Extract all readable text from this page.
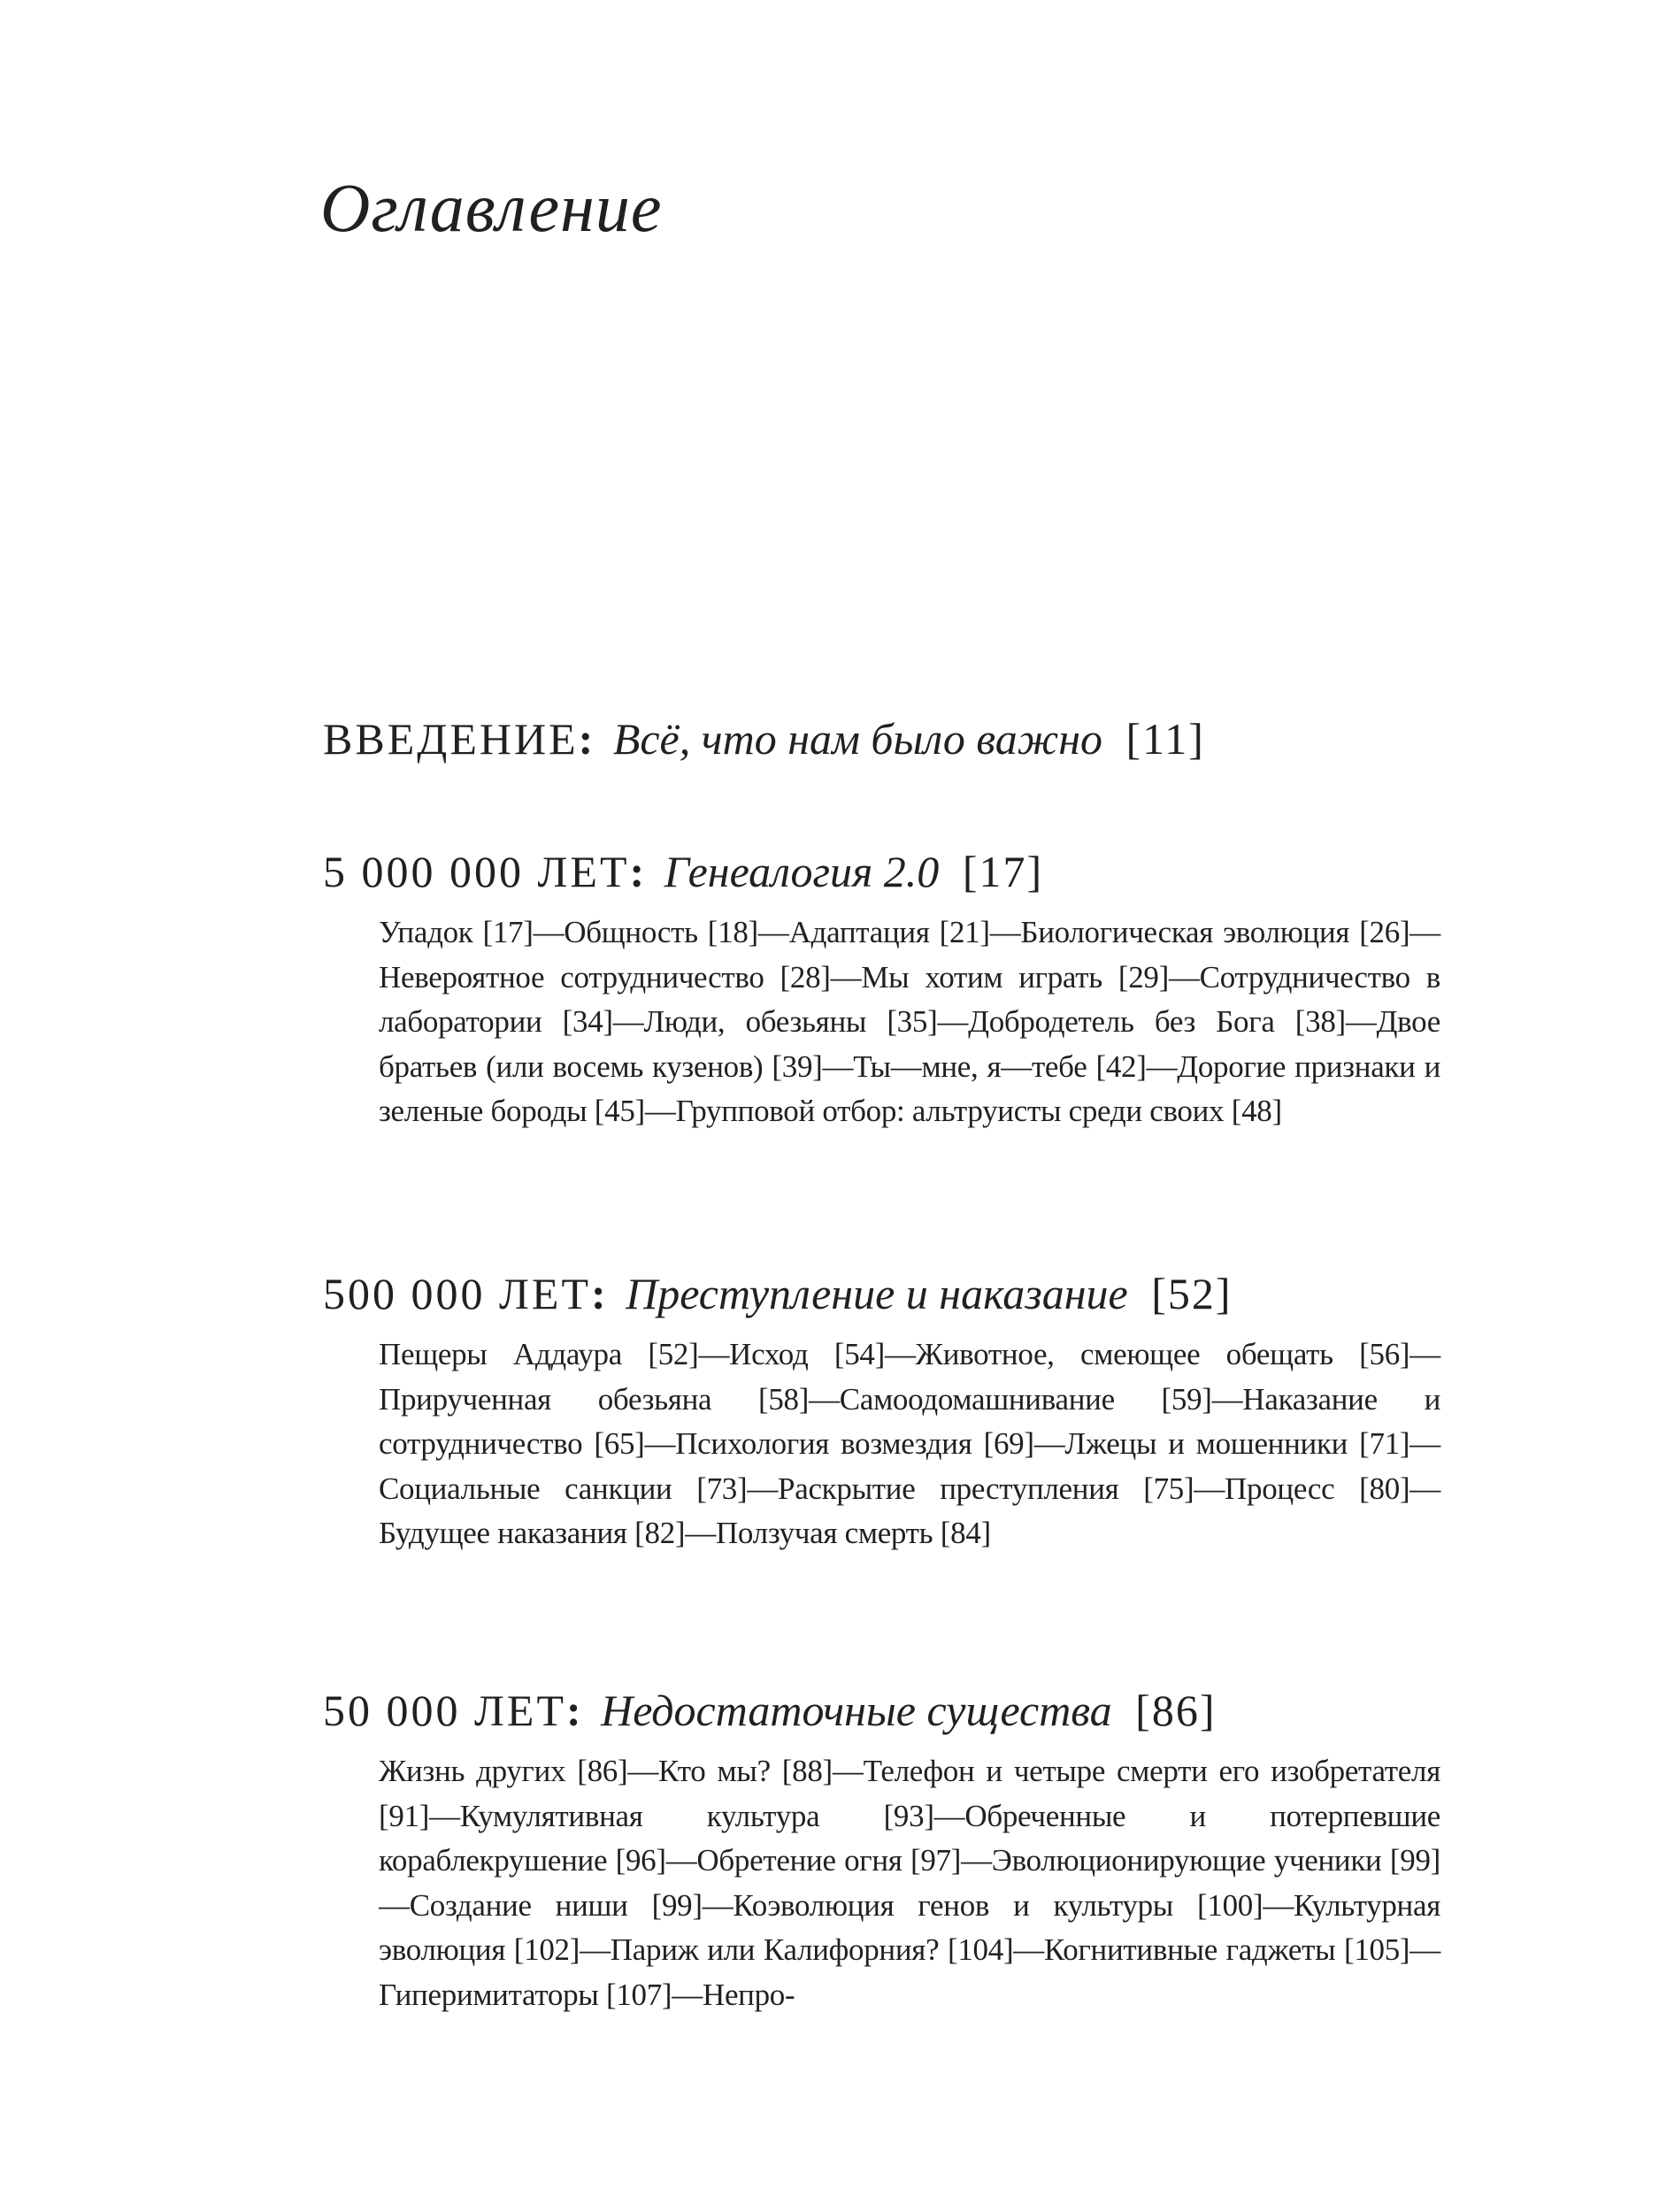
Оглавление

ВВЕДЕНИЕ: Всё, что нам было важно [11]

5 000 000 ЛЕТ: Генеалогия 2.0 [17]

Упадок [17]—Общность [18]—Адаптация [21]—Биологическая эволюция [26]—Невероятное сотрудничество [28]—Мы хотим играть [29]—Сотрудничество в лаборатории [34]—Люди, обезьяны [35]—Добродетель без Бога [38]—Двое братьев (или восемь кузенов) [39]—Ты—мне, я—тебе [42]—Дорогие признаки и зеленые бороды [45]—Групповой отбор: альтруисты среди своих [48]

500 000 ЛЕТ: Преступление и наказание [52]

Пещеры Аддаура [52]—Исход [54]—Животное, смеющее обещать [56]—Прирученная обезьяна [58]—Самоодомашнивание [59]—Наказание и сотрудничество [65]—Психология возмездия [69]—Лжецы и мошенники [71]—Социальные санкции [73]—Раскрытие преступления [75]—Процесс [80]—Будущее наказания [82]—Ползучая смерть [84]

50 000 ЛЕТ: Недостаточные существа [86]

Жизнь других [86]—Кто мы? [88]—Телефон и четыре смерти его изобретателя [91]—Кумулятивная культура [93]—Обреченные и потерпевшие кораблекрушение [96]—Обретение огня [97]—Эволюционирующие ученики [99]—Создание ниши [99]—Коэволюция генов и культуры [100]—Культурная эволюция [102]—Париж или Калифорния? [104]—Когнитивные гаджеты [105]—Гиперимитаторы [107]—Непро-
